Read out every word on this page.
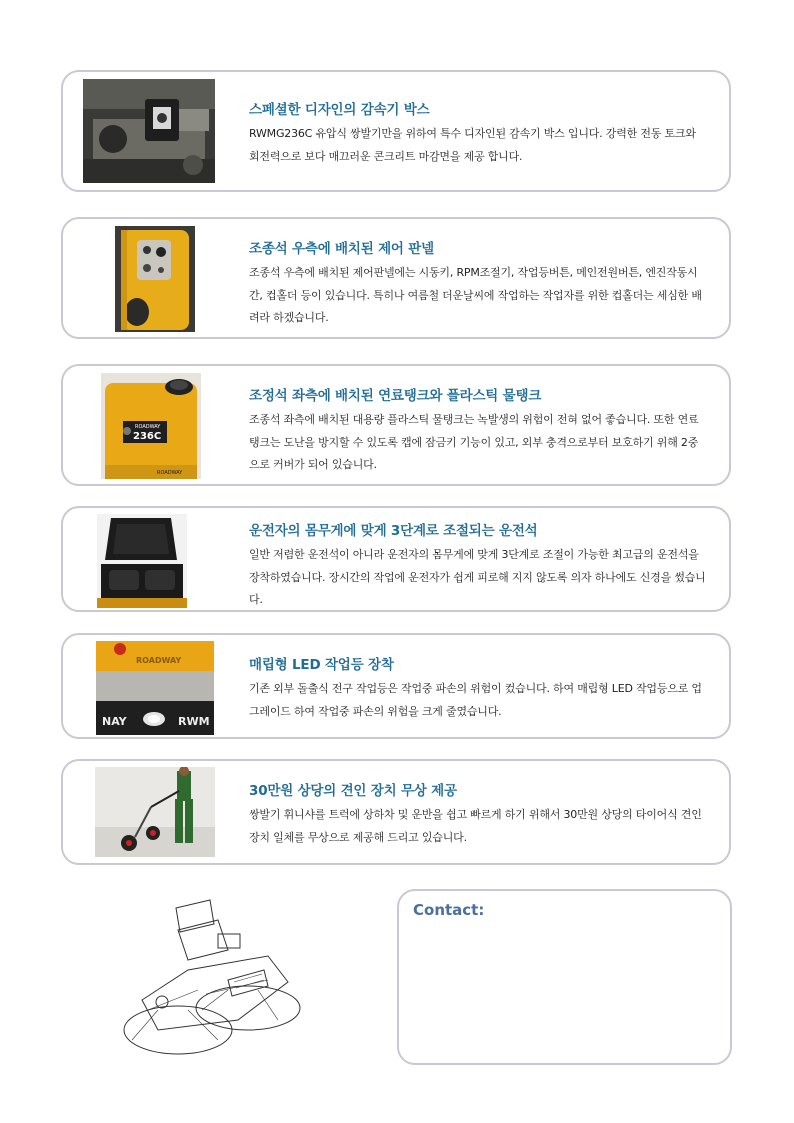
스페셜한 디자인의 감속기 박스
RWMG236C 유압식 쌍발기만을 위하여 특수 디자인된 감속기 박스 입니다. 강력한 전동 토크와 회전력으로 보다 매끄러운 콘크리트 마감면을 제공 합니다.
조종석 우측에 배치된 제어 판넬
조종석 우측에 배치된 제어판넬에는 시동키, RPM조절기, 작업등버튼, 메인전원버튼, 엔진작동시간, 컵홀더 등이 있습니다. 특히나 여름철 더운날씨에 작업하는 작업자를 위한 컵홀더는 세심한 배려라 하겠습니다.
ROADWAY
236C
ROADWAY
조정석 좌측에 배치된 연료탱크와 플라스틱 물탱크
조종석 좌측에 배치된 대용량 플라스틱 물탱크는 녹발생의 위험이 전혀 없어 좋습니다. 또한 연료탱크는 도난을 방지할 수 있도록 캡에 잠금키 기능이 있고, 외부 충격으로부터 보호하기 위해 2중으로 커버가 되어 있습니다.
운전자의 몸무게에 맞게 3단계로 조절되는 운전석
일반 저렴한 운전석이 아니라 운전자의 몸무게에 맞게 3단계로 조절이 가능한 최고급의 운전석을 장착하였습니다. 장시간의 작업에 운전자가 쉽게 피로해 지지 않도록 의자 하나에도 신경을 썼습니다.
ROADWAY
NAY	RWM
매립형 LED 작업등 장착
기존 외부 돌출식 전구 작업등은 작업중 파손의 위험이 컸습니다. 하여 매립형 LED 작업등으로 업그레이드 하여 작업중 파손의 위험을 크게 줄였습니다.
30만원 상당의 견인 장치 무상 제공
쌍발기 휘니샤를 트럭에 상하차 및 운반을 쉽고 빠르게 하기 위해서 30만원 상당의 타이어식 견인 장치 일체를 무상으로 제공해 드리고 있습니다.
Contact:
